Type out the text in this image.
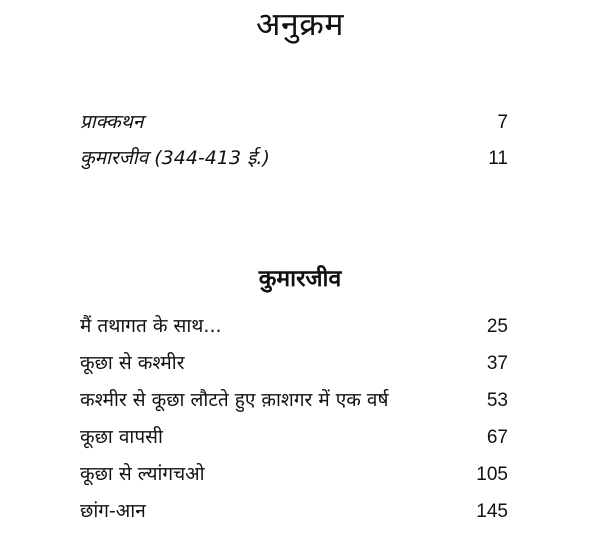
अनुक्रम
प्राक्कथन	7
कुमारजीव (344-413 ई.)	11
कुमारजीव
मैं तथागत के साथ...	25
कूछा से कश्मीर	37
कश्मीर से कूछा लौटते हुए क़ाशगर में एक वर्ष	53
कूछा वापसी	67
कूछा से ल्यांगचओ	105
छांग-आन	145
